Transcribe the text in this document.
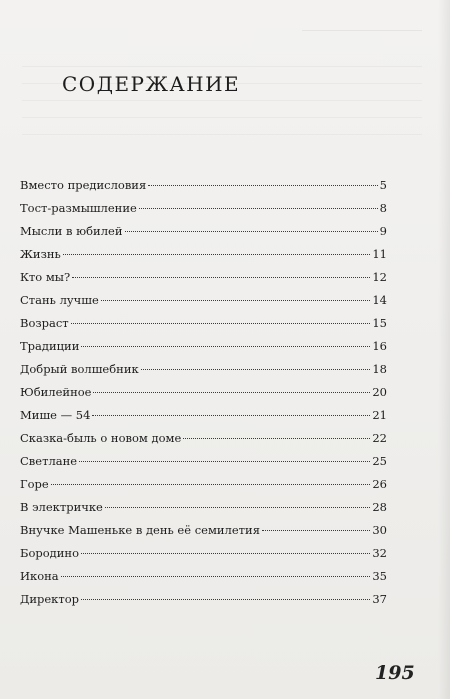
СОДЕРЖАНИЕ
Вместо предисловия	5
Тост-размышление	8
Мысли в юбилей	9
Жизнь	11
Кто мы?	12
Стань лучше	14
Возраст	15
Традиции	16
Добрый волшебник	18
Юбилейное	20
Мише — 54	21
Сказка-быль о новом доме	22
Светлане	25
Горе	26
В электричке	28
Внучке Машеньке в день её семилетия	30
Бородино	32
Икона	35
Директор	37
195
